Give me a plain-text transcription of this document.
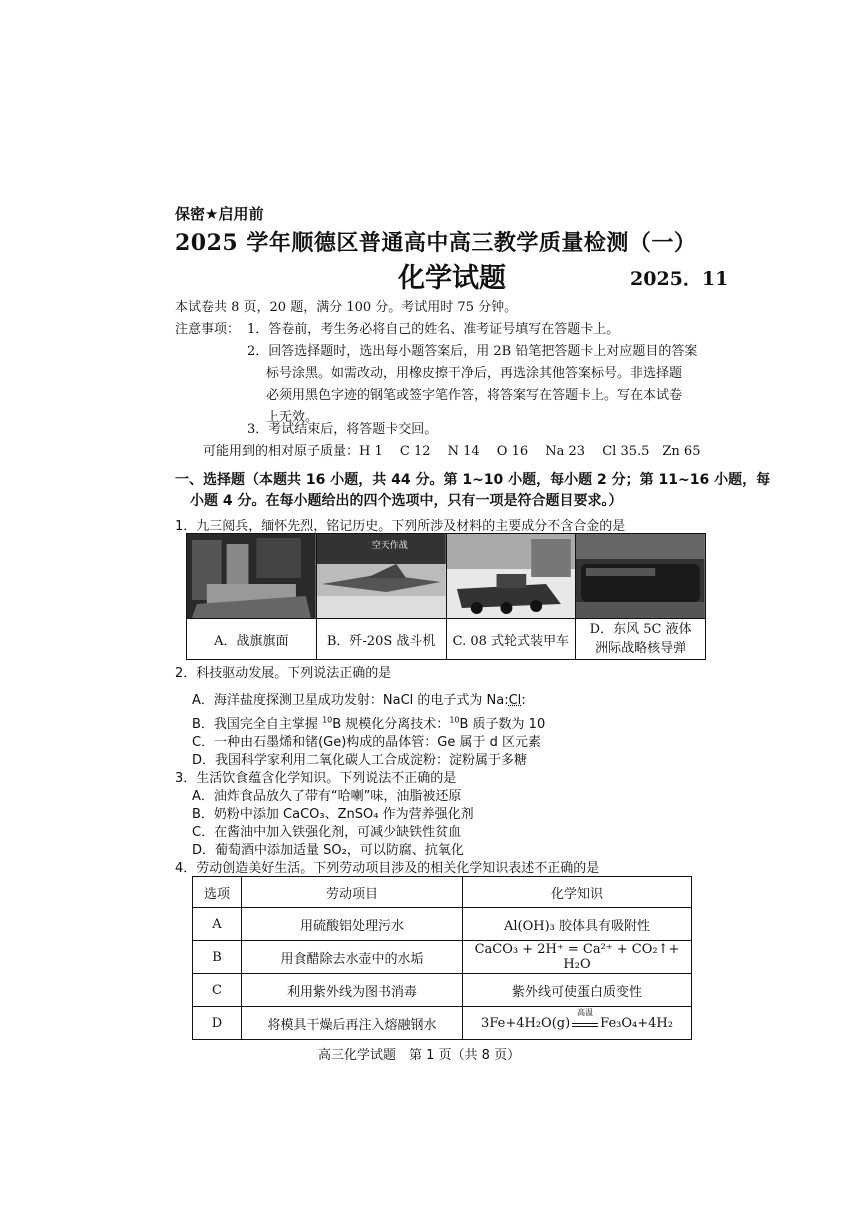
保密★启用前
2025 学年顺德区普通高中高三教学质量检测（一）
化学试题	2025．11
本试卷共 8 页，20 题，满分 100 分。考试用时 75 分钟。
注意事项： 1．答卷前，考生务必将自己的姓名、准考证号填写在答题卡上。
2．回答选择题时，选出每小题答案后，用 2B 铅笔把答题卡上对应题目的答案
标号涂黑。如需改动，用橡皮擦干净后，再选涂其他答案标号。非选择题
必须用黑色字迹的钢笔或签字笔作答，将答案写在答题卡上。写在本试卷
上无效。
3．考试结束后，将答题卡交回。
可能用到的相对原子质量：H 1　 C 12　 N 14　 O 16　 Na 23　 Cl 35.5　Zn 65
一、选择题（本题共 16 小题，共 44 分。第 1~10 小题，每小题 2 分；第 11~16 小题，每
小题 4 分。在每小题给出的四个选项中，只有一项是符合题目要求。）
1．九三阅兵，缅怀先烈，铭记历史。下列所涉及材料的主要成分不含合金的是

空天作战

A．战旗旗面	B．歼-20S 战斗机	C. 08 式轮式装甲车	D．东风 5C 液体
洲际战略核导弹
2．科技驱动发展。下列说法正确的是
A．海洋盐度探测卫星成功发射：NaCl 的电子式为 Na:Cl:
B．我国完全自主掌握 $^{10}$B 规模化分离技术：$^{10}$B 质子数为 10
C．一种由石墨烯和锗(Ge)构成的晶体管：Ge 属于 d 区元素
D．我国科学家利用二氧化碳人工合成淀粉：淀粉属于多糖
3．生活饮食蕴含化学知识。下列说法不正确的是
A．油炸食品放久了带有“哈喇”味，油脂被还原
B．奶粉中添加 CaCO₃、ZnSO₄ 作为营养强化剂
C．在酱油中加入铁强化剂，可减少缺铁性贫血
D．葡萄酒中添加适量 SO₂，可以防腐、抗氧化
4．劳动创造美好生活。下列劳动项目涉及的相关化学知识表述不正确的是
选项	劳动项目	化学知识
A	用硫酸铝处理污水	Al(OH)₃ 胶体具有吸附性
B	用食醋除去水壶中的水垢	CaCO₃ + 2H⁺ = Ca²⁺ + CO₂↑+ H₂O
C	利用紫外线为图书消毒	紫外线可使蛋白质变性
D	将模具干燥后再注入熔融钢水	3Fe+4H₂O(g)
高温
Fe₃O₄+4H₂
高三化学试题　第 1 页（共 8 页）
